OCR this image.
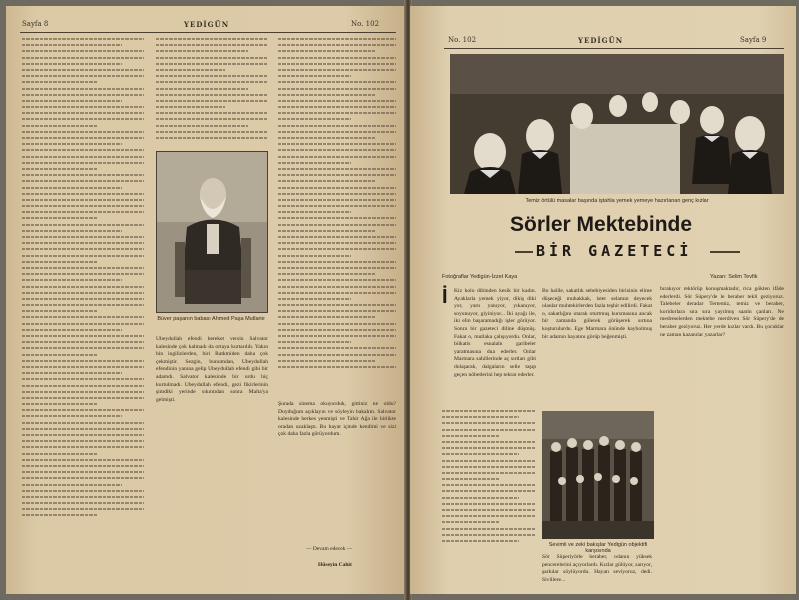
Sayfa 8	YEDİGÜN	No. 102
Büver paşanın babası Ahmed Paşa Mutlarie
Ubeydullah efendi bereket versin Salvator kalesinde çok kalmadı da ortaya kurtarıldı. Yakın bin ingilizlerden, biri Ratkmiden daha çok çekmiştir. Sezgin, bunumdan, Ubeydullah efendinin yanına gelip Ubeydullah efendi gibi bir adamdı. Salvator kalesinde bir ordu hiç kurtulmadı. Ubeydullah efendi, gezi fikirlerinin şimdiki yerinde sıkıntıdan sonra Malta'ya gelmişti.
Şurada sinema okuyorduk, gittiniz ne oldu? Duyduğum açıklayın ve söyleyin bakalım. Salvator kalesinde herkes yenmişti ve Tahir Ağa ile birlikte oradan uzaklaştı. Bu hayat içinde kendimi ve sizi çok daha fazla görüyordum.
— Devam edecek —
Hüseyin Cahit
No. 102	YEDİGÜN	Sayfa 9
Temiz örtülü masalar başında iştahla yemek yemeye hazırlanan genç kızlar
Sörler Mektebinde
BİR GAZETECİ
Fotoğraflar Yedigün-İzzet Kaya	Yazan: Selim Tevfik
İ Kiz kolu dibinden kesik bir kadın. Ayaklarla yemek yiyor, dikiş diki yor, yarn yanıyor, yıkanıyor, soyunuyor, giyiniyor... İki ayağı ile, iki elin başaramadığı işler görüyor. Sonra bir gazeteci diline düşmüş. Fakat o, mutlaka çalışıyordu. Onlar, bilkatis esnalaln garibeler yaratmasına dua ederler. Onlar Marmara sahillerinde aç sırtları gibi dolaşarak, dalgaların selle taşıp geçen nöbetlerini hep tekrar ederler.
Bu halile, sakatlık sebebiyesiden birisinin elime düşeceği muhakkak, ister selamın deyecek olanlar muhtekirlerden fazla teşhir edilirdi. Fakat o, sakatlığını otarak oturtmuş kursmasına ancak bir zamanda gülerek görüşerek sırtına koşturulurdu. Ege Marmara önünde kaybolmuş bir adamın hayatını görüp beğenmişti.
bırakıyor rektörüp konuşmaktadır, rica gökten ifâde ederlerdi. Sör Süpery'de le beraber tekli geziyoruz. Talebeler deradar Tertemiz, temiz ve beraber, koridorlara sıra sıra yayılmış saatin çanları. Ne medreselerden mektebe merdiven Sör Süpery'de de beraber geziyoruz. Her yerde kızlar vardı. Bu çocuklar ne zaman kazanılar yazarlar?
Sevimli ve zeki bakışlar Yedigün objektifi karşısında
Sör Süperiyörle beraber, odanın yüksek pencerelerini açıyorlardı. Kızlar gülüyor, sarıyor, şarkılar söylüyordu. Hayatı seviyoruz, dedi. Sivillere...
